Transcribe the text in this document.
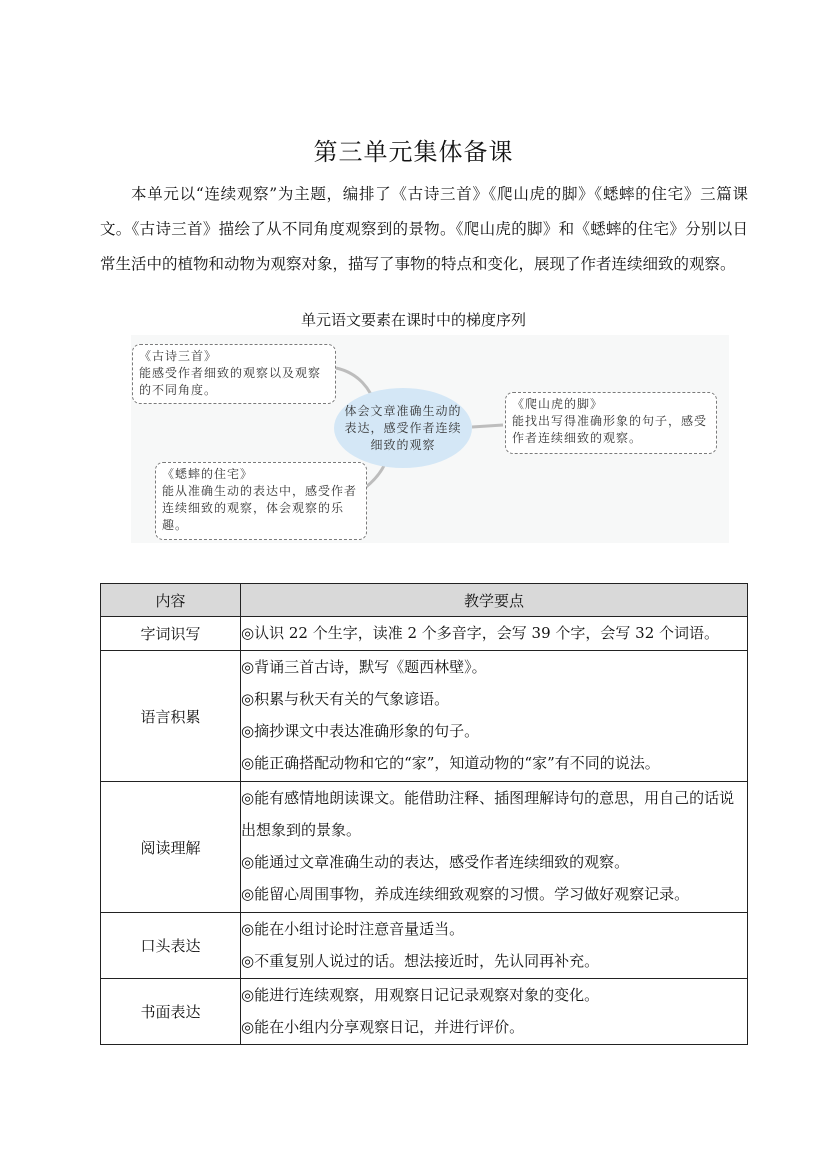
第三单元集体备课

本单元以“连续观察”为主题，编排了《古诗三首》《爬山虎的脚》《蟋蟀的住宅》三篇课文。《古诗三首》描绘了从不同角度观察到的景物。《爬山虎的脚》和《蟋蟀的住宅》分别以日常生活中的植物和动物为观察对象，描写了事物的特点和变化，展现了作者连续细致的观察。

单元语文要素在课时中的梯度序列
体会文章准确生动的表达，感受作者连续细致的观察
《古诗三首》
能感受作者细致的观察以及观察的不同角度。
《爬山虎的脚》
能找出写得准确形象的句子，感受作者连续细致的观察。
《蟋蟀的住宅》
能从准确生动的表达中，感受作者连续细致的观察，体会观察的乐趣。
内容	教学要点
字词识写	◎认识 22 个生字，读准 2 个多音字，会写 39 个字，会写 32 个词语。

语言积累	◎背诵三首古诗，默写《题西林壁》。
◎积累与秋天有关的气象谚语。
◎摘抄课文中表达准确形象的句子。
◎能正确搭配动物和它的“家”，知道动物的“家”有不同的说法。

阅读理解	◎能有感情地朗读课文。能借助注释、插图理解诗句的意思，用自己的话说出想象到的景象。
◎能通过文章准确生动的表达，感受作者连续细致的观察。
◎能留心周围事物，养成连续细致观察的习惯。学习做好观察记录。

口头表达	◎能在小组讨论时注意音量适当。
◎不重复别人说过的话。想法接近时，先认同再补充。

书面表达	◎能进行连续观察，用观察日记记录观察对象的变化。
◎能在小组内分享观察日记，并进行评价。
